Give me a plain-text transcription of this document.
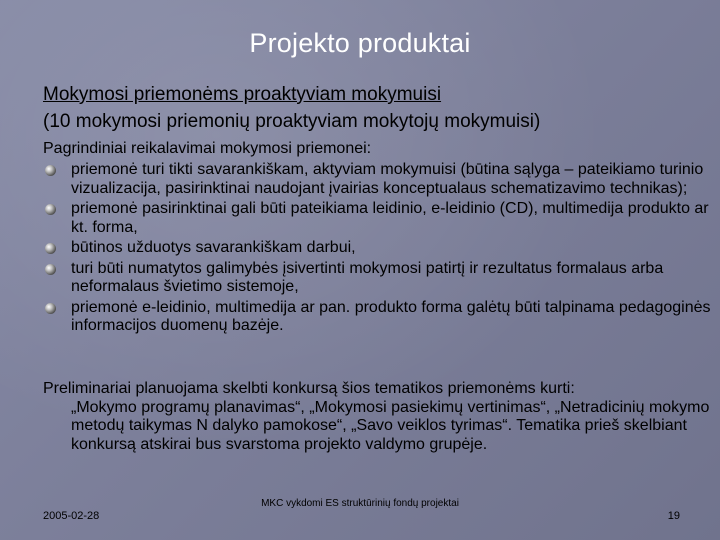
Projekto produktai
Mokymosi priemonėms proaktyviam mokymuisi
(10 mokymosi priemonių proaktyviam mokytojų mokymuisi)
Pagrindiniai reikalavimai mokymosi priemonei:
priemonė turi tikti savarankiškam, aktyviam mokymuisi (būtina sąlyga – pateikiamo turinio vizualizacija, pasirinktinai naudojant įvairias konceptualaus schematizavimo technikas);
priemonė pasirinktinai gali būti pateikiama leidinio, e-leidinio (CD), multimedija produkto ar kt. forma,
būtinos užduotys savarankiškam darbui,
turi būti numatytos galimybės įsivertinti mokymosi patirtį ir rezultatus formalaus arba neformalaus švietimo sistemoje,
priemonė e-leidinio, multimedija ar pan. produkto forma galėtų būti talpinama pedagoginės informacijos duomenų bazėje.
Preliminariai planuojama skelbti konkursą šios tematikos priemonėms kurti:
„Mokymo programų planavimas“, „Mokymosi pasiekimų vertinimas“, „Netradicinių mokymo metodų taikymas N dalyko pamokose“, „Savo veiklos tyrimas“. Tematika prieš skelbiant konkursą atskirai bus svarstoma projekto valdymo grupėje.
2005-02-28
MKC vykdomi ES struktūrinių fondų projektai
19
